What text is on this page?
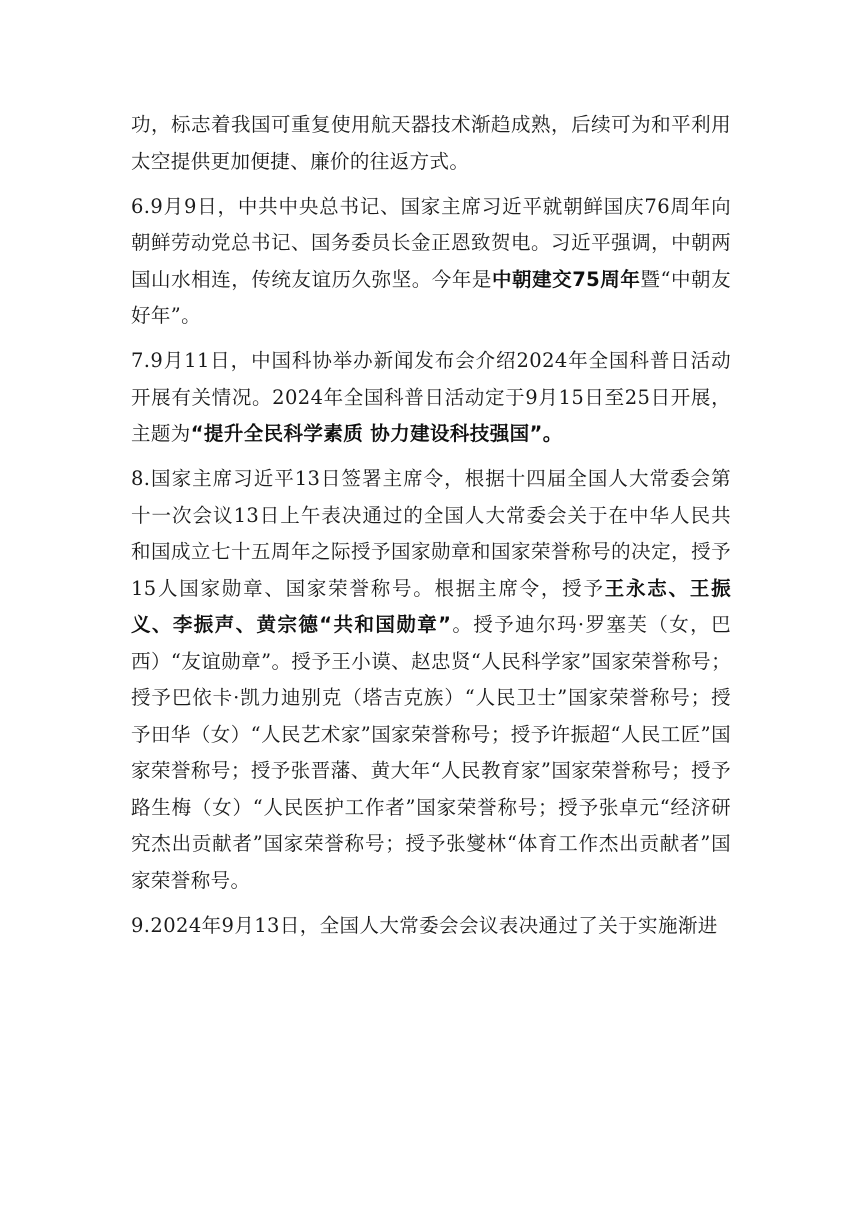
功，标志着我国可重复使用航天器技术渐趋成熟，后续可为和平利用太空提供更加便捷、廉价的往返方式。

6.9月9日，中共中央总书记、国家主席习近平就朝鲜国庆76周年向朝鲜劳动党总书记、国务委员长金正恩致贺电。习近平强调，中朝两国山水相连，传统友谊历久弥坚。今年是中朝建交75周年暨“中朝友好年”。

7.9月11日，中国科协举办新闻发布会介绍2024年全国科普日活动开展有关情况。2024年全国科普日活动定于9月15日至25日开展，主题为“提升全民科学素质 协力建设科技强国”。

8.国家主席习近平13日签署主席令，根据十四届全国人大常委会第十一次会议13日上午表决通过的全国人大常委会关于在中华人民共和国成立七十五周年之际授予国家勋章和国家荣誉称号的决定，授予15人国家勋章、国家荣誉称号。根据主席令，授予王永志、王振义、李振声、黄宗德“共和国勋章”。授予迪尔玛·罗塞芙（女，巴西）“友谊勋章”。授予王小谟、赵忠贤“人民科学家”国家荣誉称号；授予巴依卡·凯力迪别克（塔吉克族）“人民卫士”国家荣誉称号；授予田华（女）“人民艺术家”国家荣誉称号；授予许振超“人民工匠”国家荣誉称号；授予张晋藩、黄大年“人民教育家”国家荣誉称号；授予路生梅（女）“人民医护工作者”国家荣誉称号；授予张卓元“经济研究杰出贡献者”国家荣誉称号；授予张燮林“体育工作杰出贡献者”国家荣誉称号。

9.2024年9月13日，全国人大常委会会议表决通过了关于实施渐进
